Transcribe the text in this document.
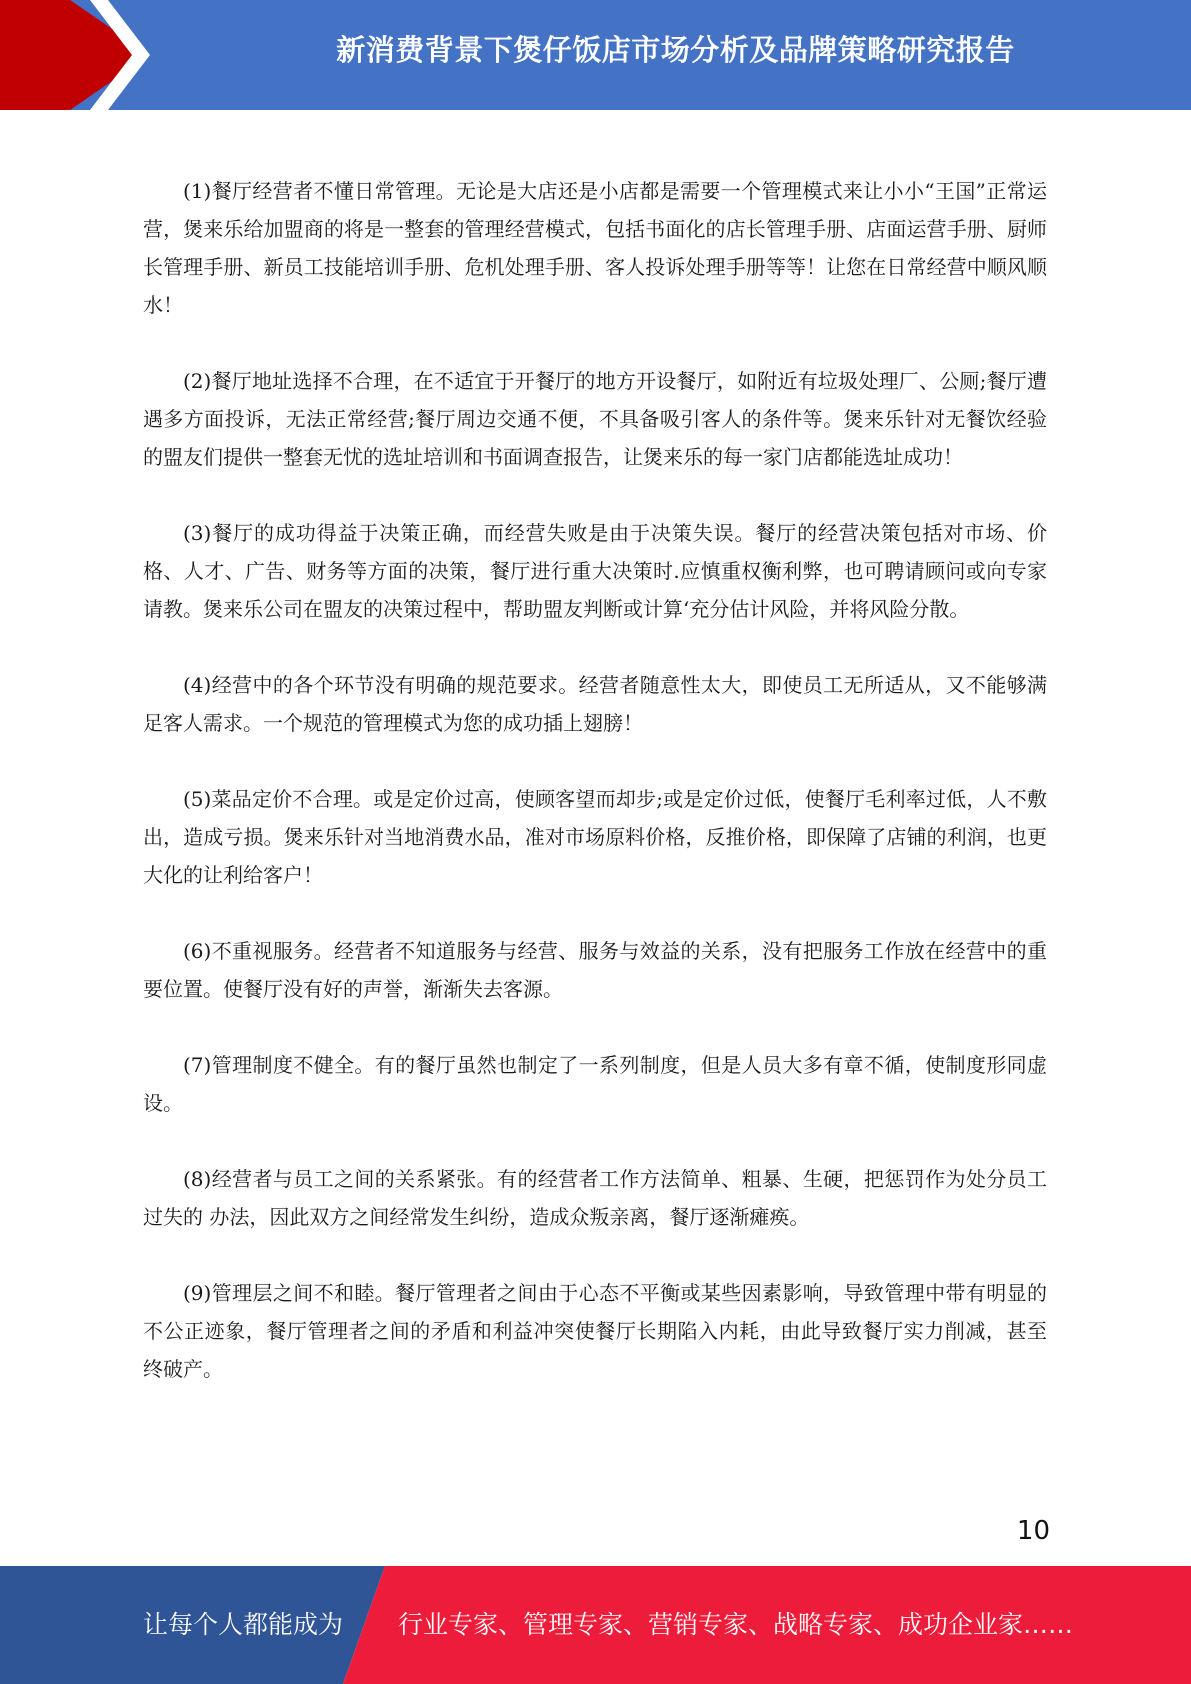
新消费背景下煲仔饭店市场分析及品牌策略研究报告

(1)餐厅经营者不懂日常管理。无论是大店还是小店都是需要一个管理模式来让小小“王国”正常运营，煲来乐给加盟商的将是一整套的管理经营模式，包括书面化的店长管理手册、店面运营手册、厨师长管理手册、新员工技能培训手册、危机处理手册、客人投诉处理手册等等！让您在日常经营中顺风顺水！

(2)餐厅地址选择不合理，在不适宜于开餐厅的地方开设餐厅，如附近有垃圾处理厂、公厕;餐厅遭遇多方面投诉，无法正常经营;餐厅周边交通不便，不具备吸引客人的条件等。煲来乐针对无餐饮经验的盟友们提供一整套无忧的选址培训和书面调查报告，让煲来乐的每一家门店都能选址成功！

(3)餐厅的成功得益于决策正确，而经营失败是由于决策失误。餐厅的经营决策包括对市场、价格、人才、广告、财务等方面的决策，餐厅进行重大决策时.应慎重权衡利弊，也可聘请顾问或向专家请教。煲来乐公司在盟友的决策过程中，帮助盟友判断或计算‘充分估计风险，并将风险分散。

(4)经营中的各个环节没有明确的规范要求。经营者随意性太大，即使员工无所适从，又不能够满足客人需求。一个规范的管理模式为您的成功插上翅膀！

(5)菜品定价不合理。或是定价过高，使顾客望而却步;或是定价过低，使餐厅毛利率过低，人不敷出，造成亏损。煲来乐针对当地消费水品，准对市场原料价格，反推价格，即保障了店铺的利润，也更大化的让利给客户！

(6)不重视服务。经营者不知道服务与经营、服务与效益的关系，没有把服务工作放在经营中的重要位置。使餐厅没有好的声誉，渐渐失去客源。

(7)管理制度不健全。有的餐厅虽然也制定了一系列制度，但是人员大多有章不循，使制度形同虚设。

(8)经营者与员工之间的关系紧张。有的经营者工作方法简单、粗暴、生硬，把惩罚作为处分员工过失的 办法，因此双方之间经常发生纠纷，造成众叛亲离，餐厅逐渐瘫痪。

(9)管理层之间不和睦。餐厅管理者之间由于心态不平衡或某些因素影响，导致管理中带有明显的不公正迹象，餐厅管理者之间的矛盾和利益冲突使餐厅长期陷入内耗，由此导致餐厅实力削减，甚至 终破产。

10
让每个人都能成为 行业专家、管理专家、营销专家、战略专家、成功企业家……
